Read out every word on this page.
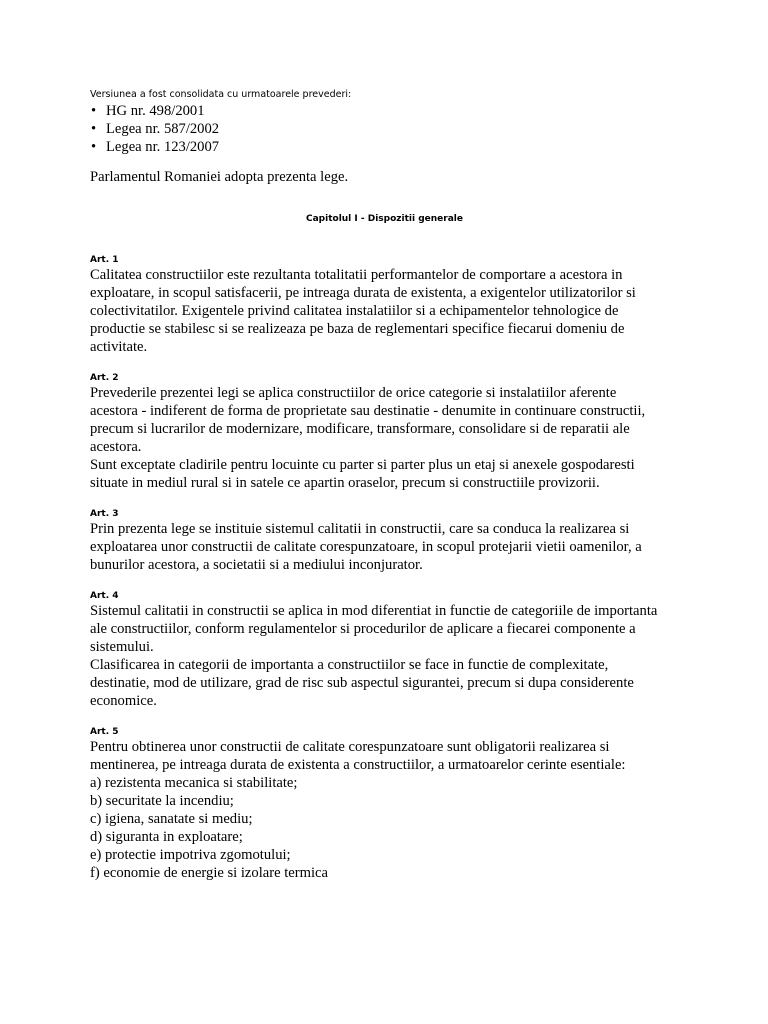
Versiunea a fost consolidata cu urmatoarele prevederi:

• HG nr. 498/2001
• Legea nr. 587/2002
• Legea nr. 123/2007

Parlamentul Romaniei adopta prezenta lege.

Capitolul I - Dispozitii generale

Art. 1

Calitatea constructiilor este rezultanta totalitatii performantelor de comportare a acestora in
exploatare, in scopul satisfacerii, pe intreaga durata de existenta, a exigentelor utilizatorilor si
colectivitatilor. Exigentele privind calitatea instalatiilor si a echipamentelor tehnologice de
productie se stabilesc si se realizeaza pe baza de reglementari specifice fiecarui domeniu de
activitate.

Art. 2

Prevederile prezentei legi se aplica constructiilor de orice categorie si instalatiilor aferente
acestora - indiferent de forma de proprietate sau destinatie - denumite in continuare constructii,
precum si lucrarilor de modernizare, modificare, transformare, consolidare si de reparatii ale
acestora.
Sunt exceptate cladirile pentru locuinte cu parter si parter plus un etaj si anexele gospodaresti
situate in mediul rural si in satele ce apartin oraselor, precum si constructiile provizorii.

Art. 3

Prin prezenta lege se instituie sistemul calitatii in constructii, care sa conduca la realizarea si
exploatarea unor constructii de calitate corespunzatoare, in scopul protejarii vietii oamenilor, a
bunurilor acestora, a societatii si a mediului inconjurator.

Art. 4

Sistemul calitatii in constructii se aplica in mod diferentiat in functie de categoriile de importanta
ale constructiilor, conform regulamentelor si procedurilor de aplicare a fiecarei componente a
sistemului.
Clasificarea in categorii de importanta a constructiilor se face in functie de complexitate,
destinatie, mod de utilizare, grad de risc sub aspectul sigurantei, precum si dupa considerente
economice.

Art. 5

Pentru obtinerea unor constructii de calitate corespunzatoare sunt obligatorii realizarea si
mentinerea, pe intreaga durata de existenta a constructiilor, a urmatoarelor cerinte esentiale:
a) rezistenta mecanica si stabilitate;
b) securitate la incendiu;
c) igiena, sanatate si mediu;
d) siguranta in exploatare;
e) protectie impotriva zgomotului;
f) economie de energie si izolare termica
